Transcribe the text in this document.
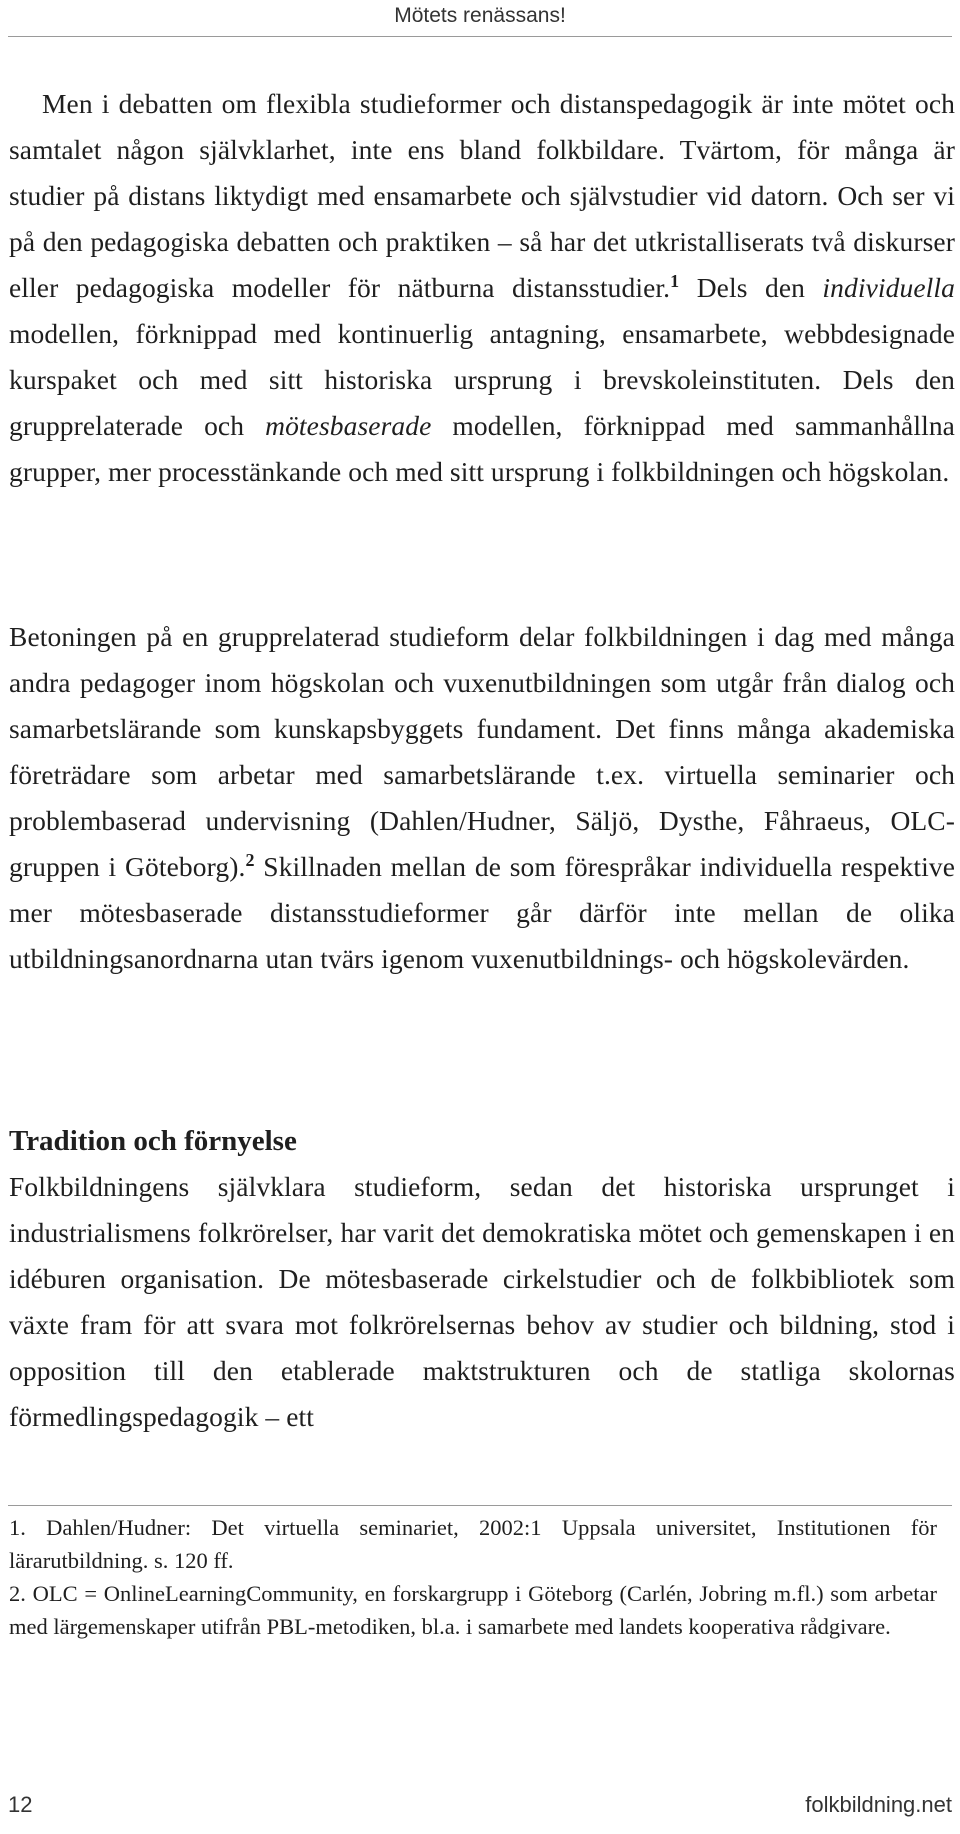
Mötets renässans!

Men i debatten om flexibla studieformer och distanspedagogik är inte mötet och samtalet någon självklarhet, inte ens bland folkbildare. Tvärtom, för många är studier på distans liktydigt med ensamarbete och självstudier vid datorn. Och ser vi på den pedagogiska debatten och praktiken – så har det utkristalliserats två diskurser eller pedagogiska modeller för nätburna distansstudier.$^1$ Dels den individuella modellen, förknippad med kontinuerlig antagning, ensamarbete, webbdesignade kurspaket och med sitt historiska ursprung i brevskoleinstituten. Dels den grupprelaterade och mötesbaserade modellen, förknippad med sammanhållna grupper, mer processtänkande och med sitt ursprung i folkbildningen och högskolan.

Betoningen på en grupprelaterad studieform delar folkbildningen i dag med många andra pedagoger inom högskolan och vuxenutbildningen som utgår från dialog och samarbetslärande som kunskapsbyggets fundament. Det finns många akademiska företrädare som arbetar med samarbetslärande t.ex. virtuella seminarier och problembaserad undervisning (Dahlen/Hudner, Säljö, Dysthe, Fåhraeus, OLC-gruppen i Göteborg).$^2$ Skillnaden mellan de som förespråkar individuella respektive mer mötesbaserade distansstudieformer går därför inte mellan de olika utbildningsanordnarna utan tvärs igenom vuxenutbildnings- och högskolevärden.

Tradition och förnyelse

Folkbildningens självklara studieform, sedan det historiska ursprunget i industrialismens folkrörelser, har varit det demokratiska mötet och gemenskapen i en idéburen organisation. De mötesbaserade cirkelstudier och de folkbibliotek som växte fram för att svara mot folkrörelsernas behov av studier och bildning, stod i opposition till den etablerade maktstrukturen och de statliga skolornas förmedlingspedagogik – ett

1. Dahlen/Hudner: Det virtuella seminariet, 2002:1 Uppsala universitet, Institutionen för lärarutbildning. s. 120 ff.

2. OLC = OnlineLearningCommunity, en forskargrupp i Göteborg (Carlén, Jobring m.fl.) som arbetar med lärgemenskaper utifrån PBL-metodiken, bl.a. i samarbete med landets kooperativa rådgivare.

12	folkbildning.net
